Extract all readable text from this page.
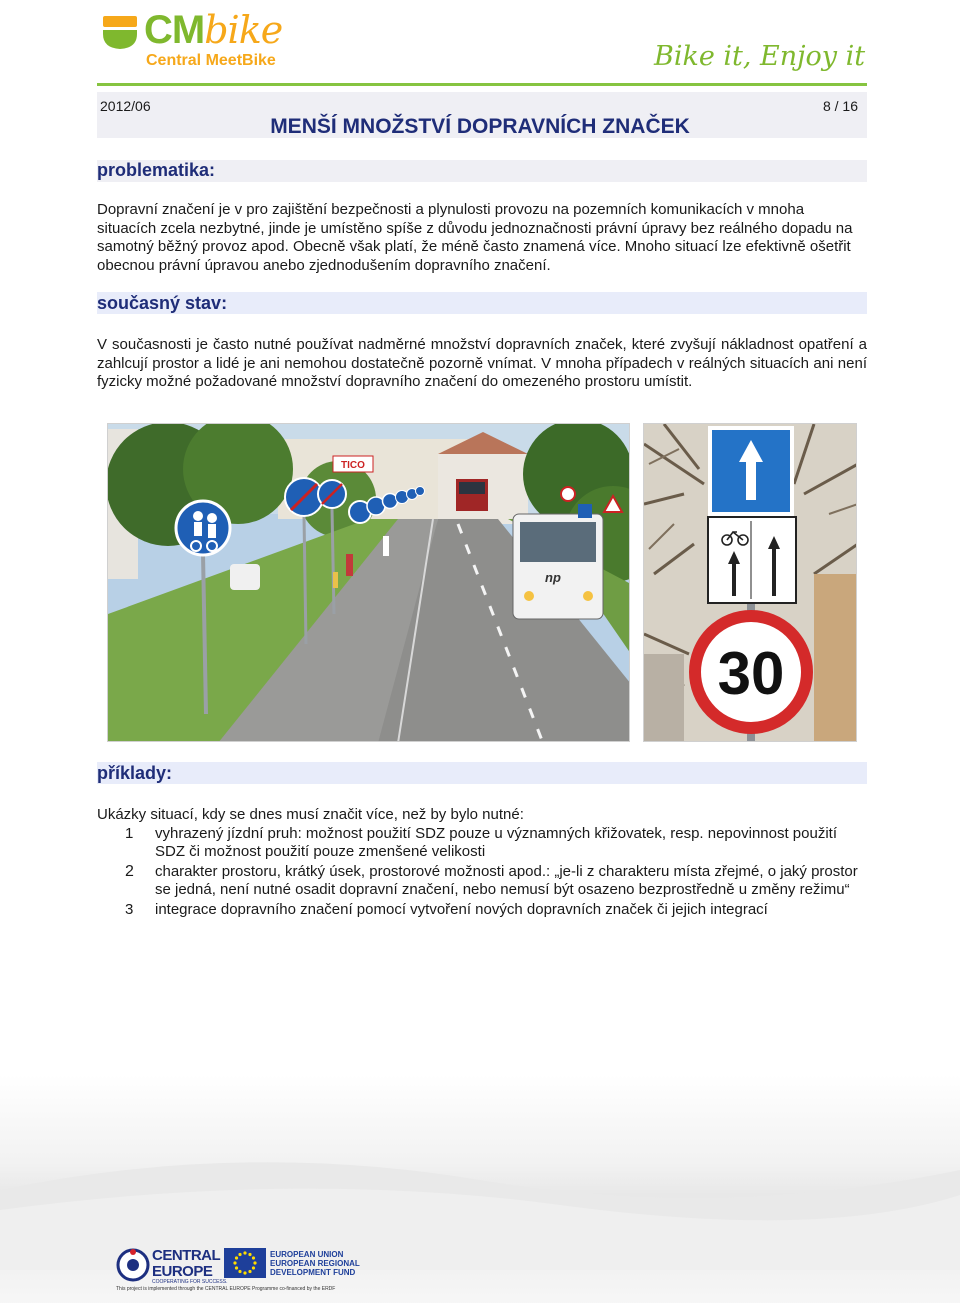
CMbike
Central MeetBike	Bike it, Enjoy it
2012/06	8 / 16
MENŠÍ MNOŽSTVÍ DOPRAVNÍCH ZNAČEK
problematika:
Dopravní značení je v pro zajištění bezpečnosti a plynulosti provozu na pozemních komunikacích v mnoha situacích zcela nezbytné, jinde je umístěno spíše z důvodu jednoznačnosti právní úpravy bez reálného dopadu na samotný běžný provoz apod. Obecně však platí, že méně často znamená více. Mnoho situací lze efektivně ošetřit obecnou právní úpravou anebo zjednodušením dopravního značení.
současný stav:
V současnosti je často nutné používat nadměrné množství dopravních značek, které zvyšují nákladnost opatření a zahlcují prostor a lidé je ani nemohou dostatečně pozorně vnímat. V mnoha případech v reálných situacích ani není fyzicky možné požadované množství dopravního značení do omezeného prostoru umístit.
np
TICO
30
příklady:
Ukázky situací, kdy se dnes musí značit více, než by bylo nutné:
1 vyhrazený jízdní pruh: možnost použití SDZ pouze u významných křižovatek, resp. nepovinnost použití SDZ či možnost použití pouze zmenšené velikosti
2 charakter prostoru, krátký úsek, prostorové možnosti apod.: „je-li z charakteru místa zřejmé, o jaký prostor se jedná, není nutné osadit dopravní značení, nebo nemusí být osazeno bezprostředně u změny režimu“
3 integrace dopravního značení pomocí vytvoření nových dopravních značek či jejich integrací
CENTRAL
EUROPE
COOPERATING FOR SUCCESS.
EUROPEAN UNION
EUROPEAN REGIONAL
DEVELOPMENT FUND
This project is implemented through the CENTRAL EUROPE Programme co-financed by the ERDF
